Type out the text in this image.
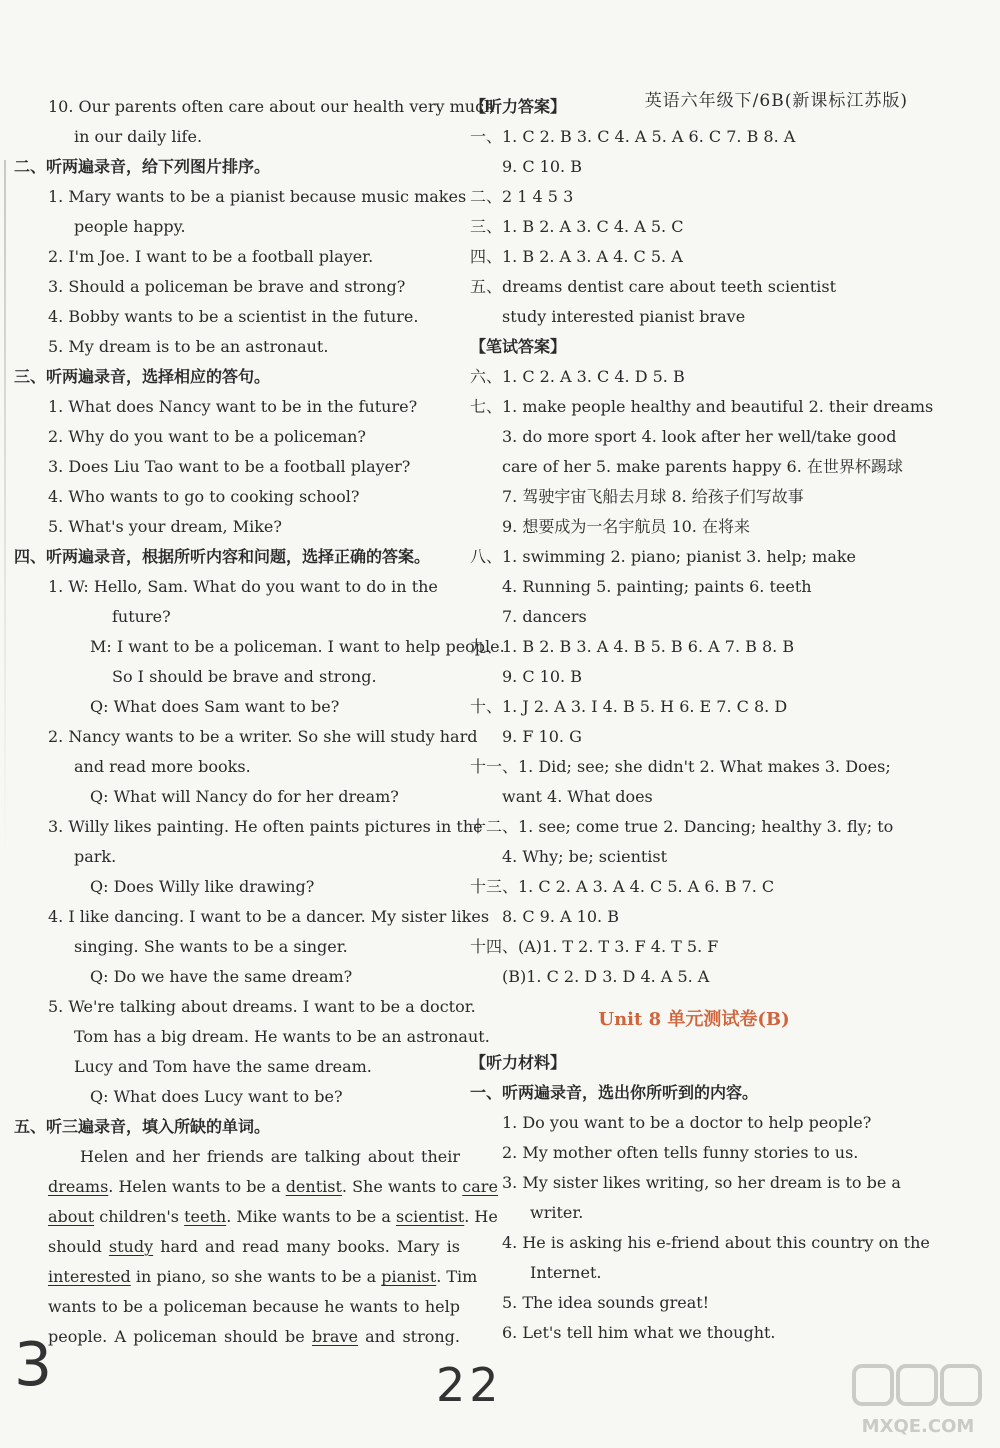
英语六年级下/6B(新课标江苏版)
10. Our parents often care about our health very much
in our daily life.
二、听两遍录音，给下列图片排序。
1. Mary wants to be a pianist because music makes
people happy.
2. I'm Joe. I want to be a football player.
3. Should a policeman be brave and strong?
4. Bobby wants to be a scientist in the future.
5. My dream is to be an astronaut.
三、听两遍录音，选择相应的答句。
1. What does Nancy want to be in the future?
2. Why do you want to be a policeman?
3. Does Liu Tao want to be a football player?
4. Who wants to go to cooking school?
5. What's your dream, Mike?
四、听两遍录音，根据所听内容和问题，选择正确的答案。
1. W: Hello, Sam. What do you want to do in the
future?
M: I want to be a policeman. I want to help people.
So I should be brave and strong.
Q: What does Sam want to be?
2. Nancy wants to be a writer. So she will study hard
and read more books.
Q: What will Nancy do for her dream?
3. Willy likes painting. He often paints pictures in the
park.
Q: Does Willy like drawing?
4. I like dancing. I want to be a dancer. My sister likes
singing. She wants to be a singer.
Q: Do we have the same dream?
5. We're talking about dreams. I want to be a doctor.
Tom has a big dream. He wants to be an astronaut.
Lucy and Tom have the same dream.
Q: What does Lucy want to be?
五、听三遍录音，填入所缺的单词。
Helen and her friends are talking about their
dreams. Helen wants to be a dentist. She wants to care
about children's teeth. Mike wants to be a scientist. He
should study hard and read many books. Mary is
interested in piano, so she wants to be a pianist. Tim
wants to be a policeman because he wants to help
people. A policeman should be brave and strong.
【听力答案】
一、1. C 2. B 3. C 4. A 5. A 6. C 7. B 8. A
9. C 10. B
二、2 1 4 5 3
三、1. B 2. A 3. C 4. A 5. C
四、1. B 2. A 3. A 4. C 5. A
五、dreams dentist care about teeth scientist
study interested pianist brave
【笔试答案】
六、1. C 2. A 3. C 4. D 5. B
七、1. make people healthy and beautiful 2. their dreams
3. do more sport 4. look after her well/take good
care of her 5. make parents happy 6. 在世界杯踢球
7. 驾驶宇宙飞船去月球 8. 给孩子们写故事
9. 想要成为一名宇航员 10. 在将来
八、1. swimming 2. piano; pianist 3. help; make
4. Running 5. painting; paints 6. teeth
7. dancers
九、1. B 2. B 3. A 4. B 5. B 6. A 7. B 8. B
9. C 10. B
十、1. J 2. A 3. I 4. B 5. H 6. E 7. C 8. D
9. F 10. G
十一、1. Did; see; she didn't 2. What makes 3. Does;
want 4. What does
十二、1. see; come true 2. Dancing; healthy 3. fly; to
4. Why; be; scientist
十三、1. C 2. A 3. A 4. C 5. A 6. B 7. C
8. C 9. A 10. B
十四、(A)1. T 2. T 3. F 4. T 5. F
(B)1. C 2. D 3. D 4. A 5. A
Unit 8 单元测试卷(B)
【听力材料】
一、听两遍录音，选出你所听到的内容。
1. Do you want to be a doctor to help people?
2. My mother often tells funny stories to us.
3. My sister likes writing, so her dream is to be a
writer.
4. He is asking his e-friend about this country on the
Internet.
5. The idea sounds great!
6. Let's tell him what we thought.
22
3
MXQE.COM
